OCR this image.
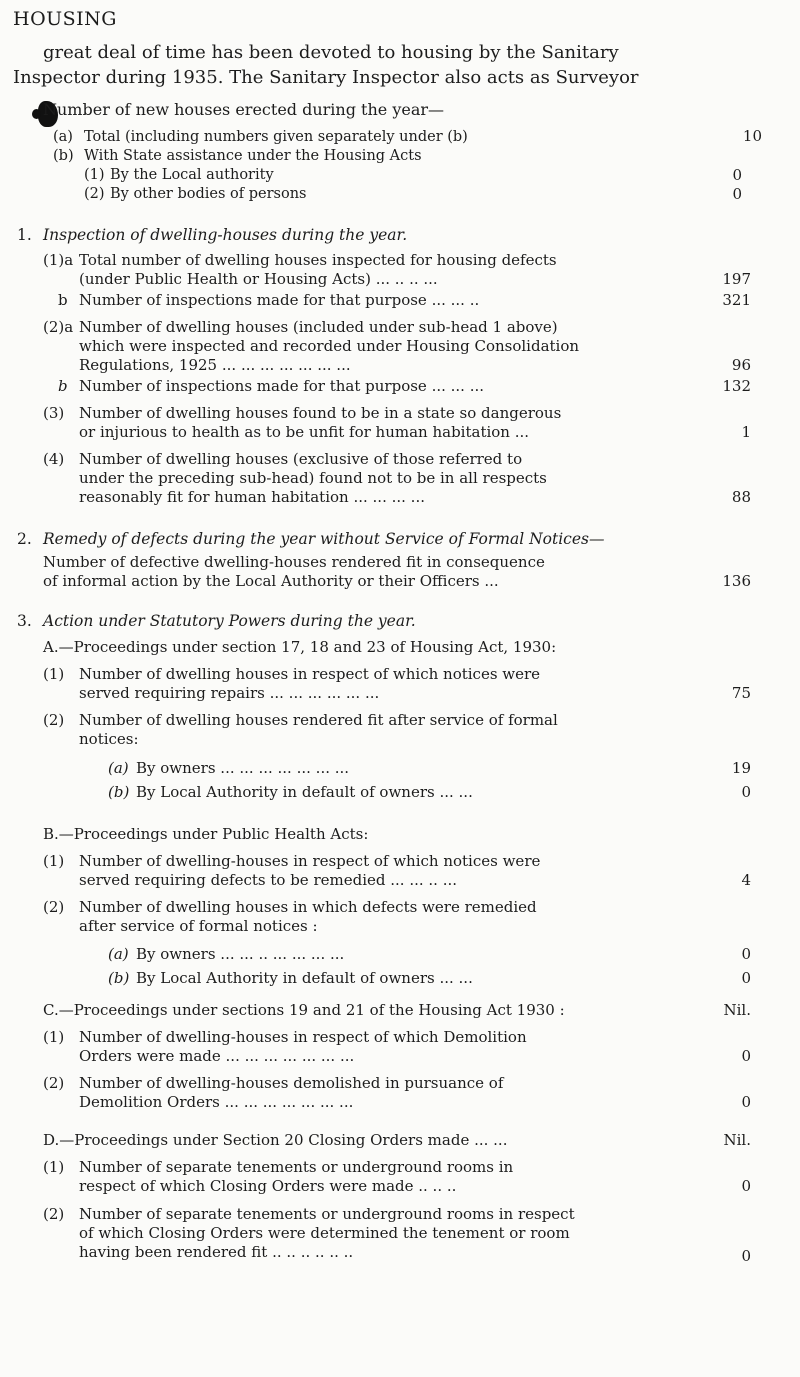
HOUSING
great deal of time has been devoted to housing by the Sanitary
Inspector during 1935. The Sanitary Inspector also acts as Surveyor
Number of new houses erected during the year—
(a) Total (including numbers given separately under (b)	10
(b) With State assistance under the Housing Acts
(1) By the Local authority	0
(2) By other bodies of persons	0
1. Inspection of dwelling-houses during the year.
(1)a Total number of dwelling houses inspected for housing defects
(under Public Health or Housing Acts) ... .. .. ...	197
b Number of inspections made for that purpose ... ... ..	321
(2)a Number of dwelling houses (included under sub-head 1 above)
which were inspected and recorded under Housing Consolidation
Regulations, 1925 ... ... ... ... ... ... ...	96
b Number of inspections made for that purpose ... ... ...	132
(3) Number of dwelling houses found to be in a state so dangerous
or injurious to health as to be unfit for human habitation ...	1
(4) Number of dwelling houses (exclusive of those referred to
under the preceding sub-head) found not to be in all respects
reasonably fit for human habitation ... ... ... ...	88
2. Remedy of defects during the year without Service of Formal Notices—
Number of defective dwelling-houses rendered fit in consequence
of informal action by the Local Authority or their Officers ...	136
3. Action under Statutory Powers during the year.
A.—Proceedings under section 17, 18 and 23 of Housing Act, 1930:
(1) Number of dwelling houses in respect of which notices were
served requiring repairs ... ... ... ... ... ...	75
(2) Number of dwelling houses rendered fit after service of formal
notices:
(a) By owners ... ... ... ... ... ... ...	19
(b) By Local Authority in default of owners ... ...	0
B.—Proceedings under Public Health Acts:
(1) Number of dwelling-houses in respect of which notices were
served requiring defects to be remedied ... ... .. ...	4
(2) Number of dwelling houses in which defects were remedied
after service of formal notices :
(a) By owners ... ... .. ... ... ... ...	0
(b) By Local Authority in default of owners ... ...	0
C.—Proceedings under sections 19 and 21 of the Housing Act 1930 :	Nil.
(1) Number of dwelling-houses in respect of which Demolition
Orders were made ... ... ... ... ... ... ...	0
(2) Number of dwelling-houses demolished in pursuance of
Demolition Orders ... ... ... ... ... ... ...	0
D.—Proceedings under Section 20 Closing Orders made ... ...	Nil.
(1) Number of separate tenements or underground rooms in
respect of which Closing Orders were made .. .. ..	0
(2) Number of separate tenements or underground rooms in respect
of which Closing Orders were determined the tenement or room
having been rendered fit .. .. .. .. .. ..	0
